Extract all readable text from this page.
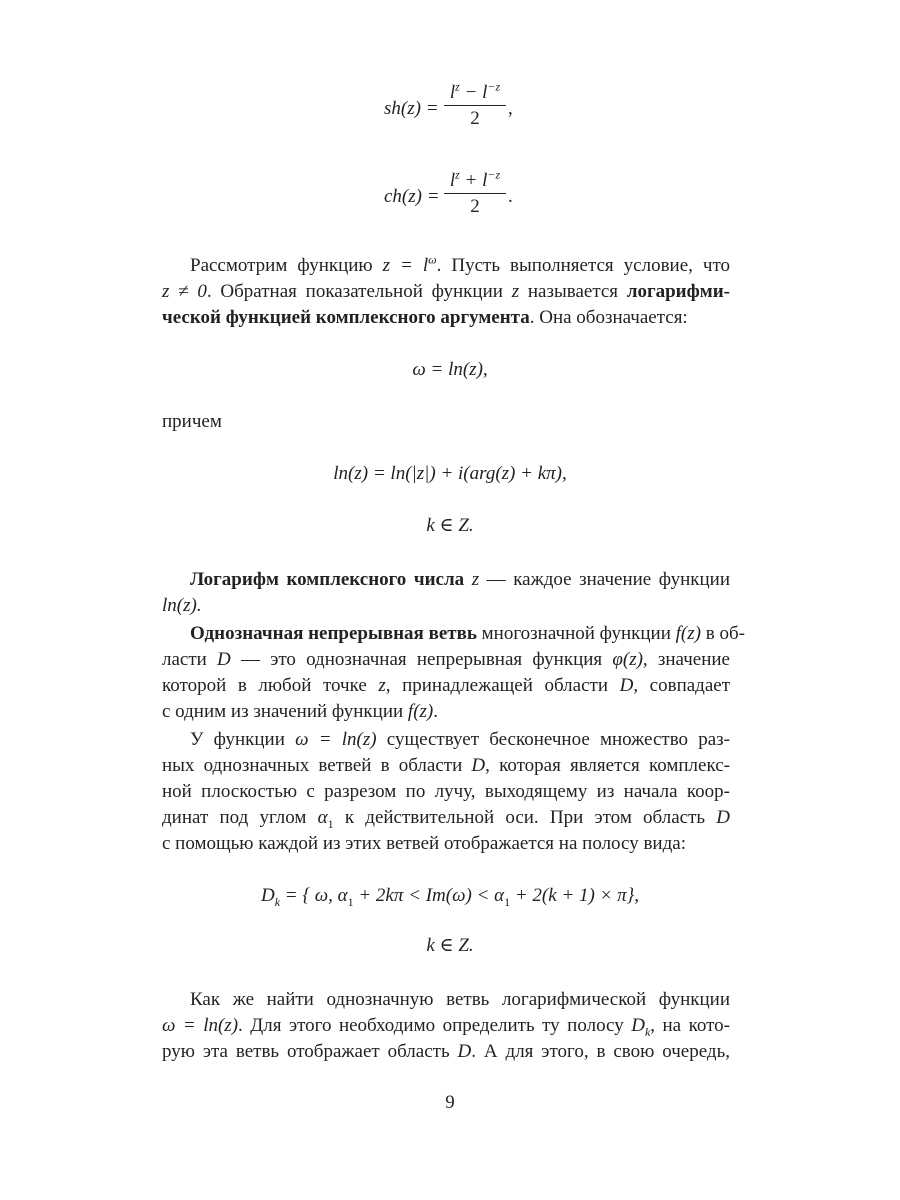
sh(z) =
$l^z - l^{-z}$
2	,
ch(z) =
$l^z + l^{-z}$
2	.
Рассмотрим функцию $z = l^\omega$. Пусть выполняется условие, что
z ≠ 0. Обратная показательной функции z называется логарифми-
ческой функцией комплексного аргумента. Она обозначается:
ω = ln(z),
причем
ln(z) = ln(|z|) + i(arg(z) + kπ),
k ∈ Z.
Логарифм комплексного числа z — каждое значение функции
ln(z).
Однозначная непрерывная ветвь многозначной функции f(z) в об-
ласти D — это однозначная непрерывная функция φ(z), значение
которой в любой точке z, принадлежащей области D, совпадает
с одним из значений функции f(z).
У функции ω = ln(z) существует бесконечное множество раз-
ных однозначных ветвей в области D, которая является комплекс-
ной плоскостью с разрезом по лучу, выходящему из начала коор-
динат под углом $\alpha_1$ к действительной оси. При этом область D
с помощью каждой из этих ветвей отображается на полосу вида:
$D_k$ = { ω, $\alpha_1 + 2k\pi < Im(\omega) < \alpha_1 + 2(k + 1) \times \pi$},
k ∈ Z.
Как же найти однозначную ветвь логарифмической функции
ω = ln(z). Для этого необходимо определить ту полосу $D_k$, на кото-
рую эта ветвь отображает область D. А для этого, в свою очередь,
9
